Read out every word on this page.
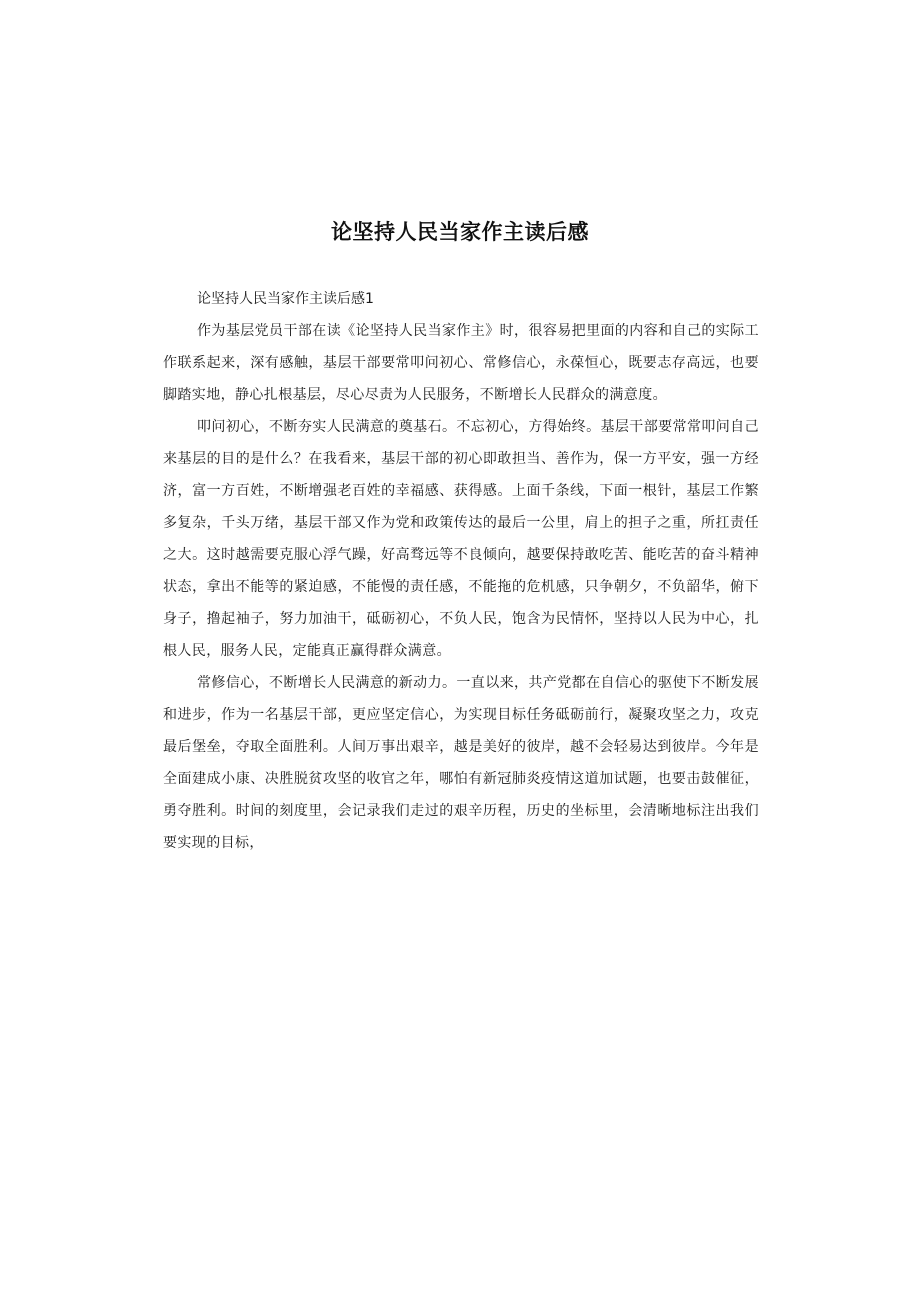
论坚持人民当家作主读后感

论坚持人民当家作主读后感1

作为基层党员干部在读《论坚持人民当家作主》时，很容易把里面的内容和自己的实际工作联系起来，深有感触，基层干部要常叩问初心、常修信心，永葆恒心，既要志存高远，也要脚踏实地，静心扎根基层，尽心尽责为人民服务，不断增长人民群众的满意度。

叩问初心，不断夯实人民满意的奠基石。不忘初心，方得始终。基层干部要常常叩问自己来基层的目的是什么？在我看来，基层干部的初心即敢担当、善作为，保一方平安，强一方经济，富一方百姓，不断增强老百姓的幸福感、获得感。上面千条线，下面一根针，基层工作繁多复杂，千头万绪，基层干部又作为党和政策传达的最后一公里，肩上的担子之重，所扛责任之大。这时越需要克服心浮气躁，好高骛远等不良倾向，越要保持敢吃苦、能吃苦的奋斗精神状态，拿出不能等的紧迫感，不能慢的责任感，不能拖的危机感，只争朝夕，不负韶华，俯下身子，撸起袖子，努力加油干，砥砺初心，不负人民，饱含为民情怀，坚持以人民为中心，扎根人民，服务人民，定能真正赢得群众满意。

常修信心，不断增长人民满意的新动力。一直以来，共产党都在自信心的驱使下不断发展和进步，作为一名基层干部，更应坚定信心，为实现目标任务砥砺前行，凝聚攻坚之力，攻克最后堡垒，夺取全面胜利。人间万事出艰辛，越是美好的彼岸，越不会轻易达到彼岸。今年是全面建成小康、决胜脱贫攻坚的收官之年，哪怕有新冠肺炎疫情这道加试题，也要击鼓催征，勇夺胜利。时间的刻度里，会记录我们走过的艰辛历程，历史的坐标里，会清晰地标注出我们要实现的目标，
